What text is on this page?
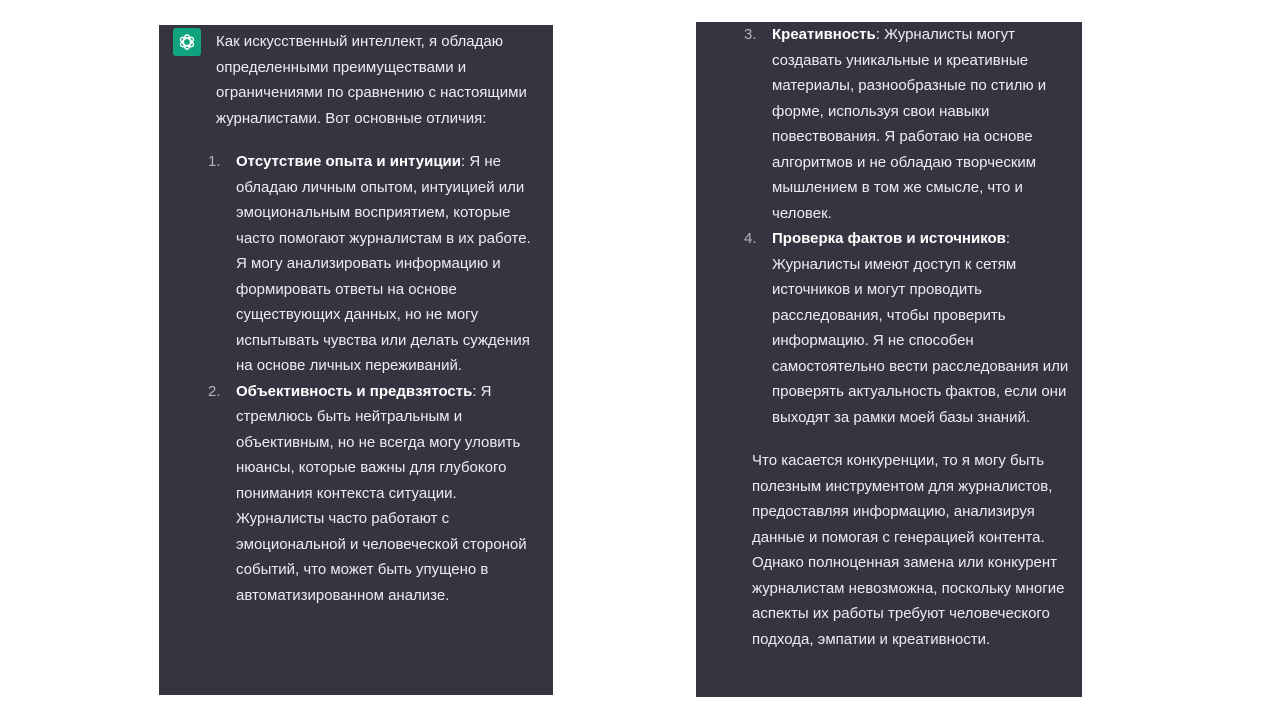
Как искусственный интеллект, я обладаю определенными преимуществами и ограничениями по сравнению с настоящими журналистами. Вот основные отличия:

1.	Отсутствие опыта и интуиции: Я не обладаю личным опытом, интуицией или эмоциональным восприятием, которые часто помогают журналистам в их работе. Я могу анализировать информацию и формировать ответы на основе существующих данных, но не могу испытывать чувства или делать суждения на основе личных переживаний.
2.	Объективность и предвзятость: Я стремлюсь быть нейтральным и объективным, но не всегда могу уловить нюансы, которые важны для глубокого понимания контекста ситуации. Журналисты часто работают с эмоциональной и человеческой стороной событий, что может быть упущено в автоматизированном анализе.
3.	Креативность: Журналисты могут создавать уникальные и креативные материалы, разнообразные по стилю и форме, используя свои навыки повествования. Я работаю на основе алгоритмов и не обладаю творческим мышлением в том же смысле, что и человек.
4.	Проверка фактов и источников: Журналисты имеют доступ к сетям источников и могут проводить расследования, чтобы проверить информацию. Я не способен самостоятельно вести расследования или проверять актуальность фактов, если они выходят за рамки моей базы знаний.

Что касается конкуренции, то я могу быть полезным инструментом для журналистов, предоставляя информацию, анализируя данные и помогая с генерацией контента. Однако полноценная замена или конкурент журналистам невозможна, поскольку многие аспекты их работы требуют человеческого подхода, эмпатии и креативности.
